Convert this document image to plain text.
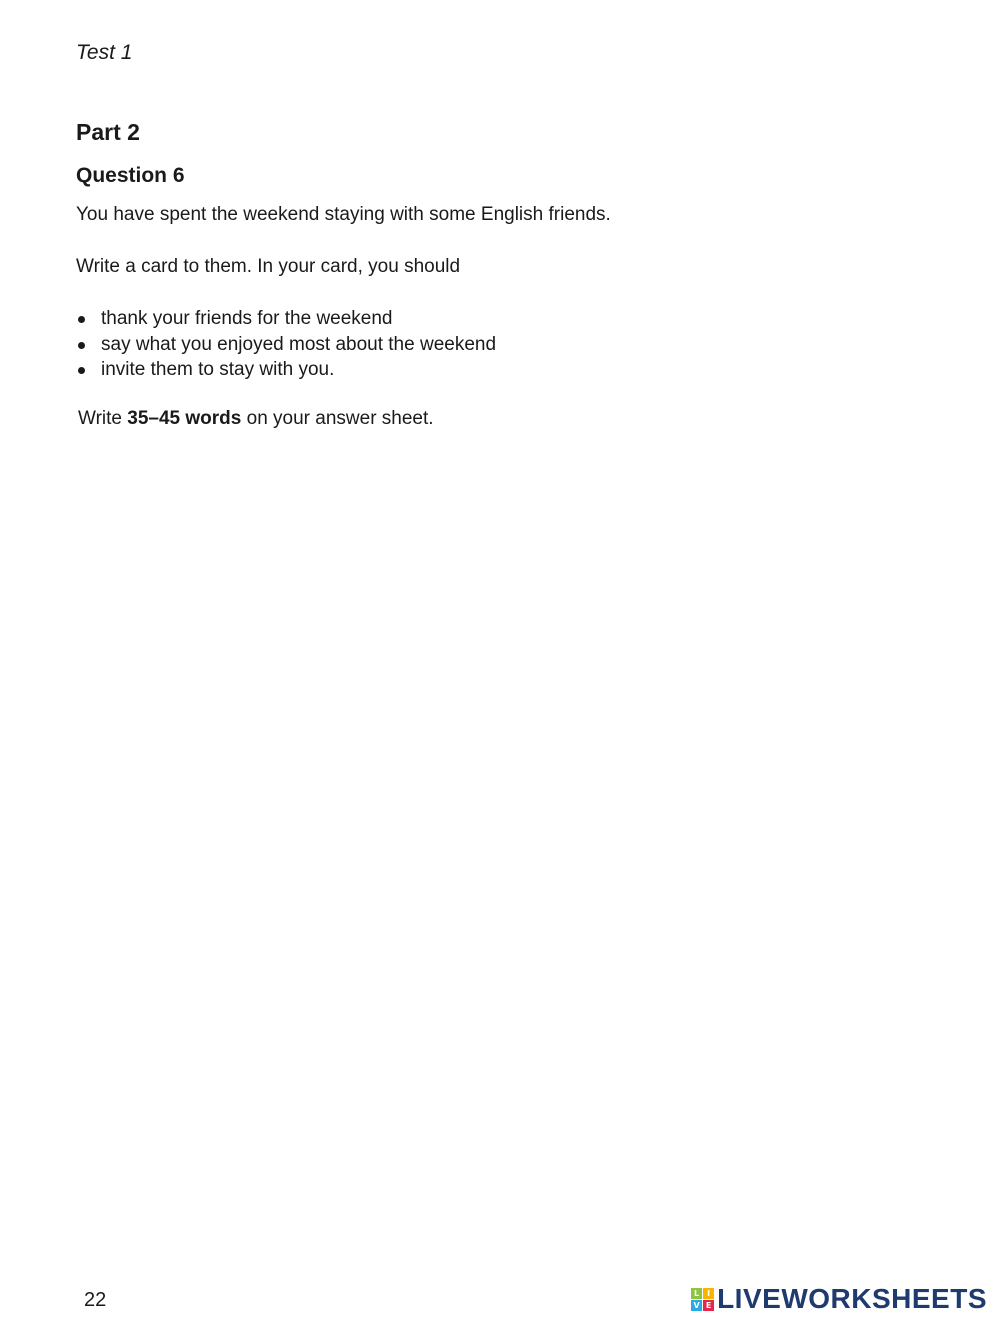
Test 1
Part 2
Question 6
You have spent the weekend staying with some English friends.
Write a card to them. In your card, you should
thank your friends for the weekend
say what you enjoyed most about the weekend
invite them to stay with you.
Write 35–45 words on your answer sheet.
22	L I
V E LIVEWORKSHEETS
